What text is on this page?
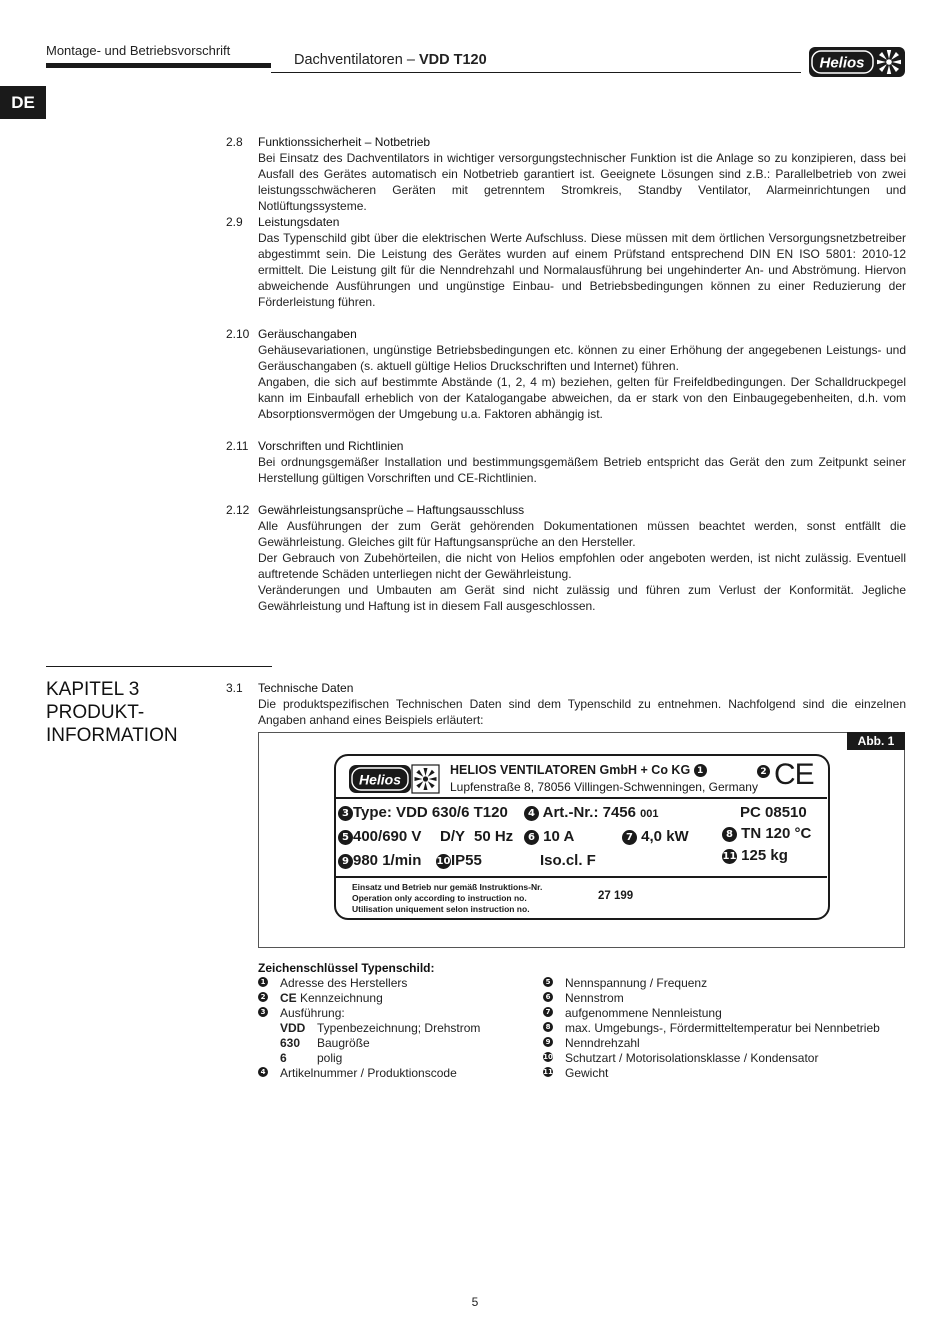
Montage- und Betriebsvorschrift
Dachventilatoren – VDD T120	Helios
DE
2.8 Funktionssicherheit – Notbetrieb
Bei Einsatz des Dachventilators in wichtiger versorgungstechnischer Funktion ist die Anlage so zu konzipieren, dass bei Ausfall des Gerätes automatisch ein Notbetrieb garantiert ist. Geeignete Lösungen sind z.B.: Parallelbetrieb von zwei leistungsschwächeren Geräten mit getrenntem Stromkreis, Standby Ventilator, Alarmeinrichtungen und Notlüftungssysteme.
2.9 Leistungsdaten
Das Typenschild gibt über die elektrischen Werte Aufschluss. Diese müssen mit dem örtlichen Versorgungsnetzbetreiber abgestimmt sein. Die Leistung des Gerätes wurden auf einem Prüfstand entsprechend DIN EN ISO 5801: 2010-12 ermittelt. Die Leistung gilt für die Nenndrehzahl und Normalausführung bei ungehinderter An- und Abströmung. Hiervon abweichende Ausführungen und ungünstige Einbau- und Betriebsbedingungen können zu einer Reduzierung der Förderleistung führen.
2.10 Geräuschangaben
Gehäusevariationen, ungünstige Betriebsbedingungen etc. können zu einer Erhöhung der angegebenen Leistungs- und Geräuschangaben (s. aktuell gültige Helios Druckschriften und Internet) führen.
Angaben, die sich auf bestimmte Abstände (1, 2, 4 m) beziehen, gelten für Freifeldbedingungen. Der Schalldruckpegel kann im Einbaufall erheblich von der Katalogangabe abweichen, da er stark von den Einbaugegebenheiten, d.h. vom Absorptionsvermögen der Umgebung u.a. Faktoren abhängig ist.
2.11 Vorschriften und Richtlinien
Bei ordnungsgemäßer Installation und bestimmungsgemäßem Betrieb entspricht das Gerät den zum Zeitpunkt seiner Herstellung gültigen Vorschriften und CE-Richtlinien.
2.12 Gewährleistungsansprüche – Haftungsausschluss
Alle Ausführungen der zum Gerät gehörenden Dokumentationen müssen beachtet werden, sonst entfällt die Gewährleistung. Gleiches gilt für Haftungsansprüche an den Hersteller.
Der Gebrauch von Zubehörteilen, die nicht von Helios empfohlen oder angeboten werden, ist nicht zulässig. Eventuell auftretende Schäden unterliegen nicht der Gewährleistung.
Veränderungen und Umbauten am Gerät sind nicht zulässig und führen zum Verlust der Konformität. Jegliche Gewährleistung und Haftung ist in diesem Fall ausgeschlossen.
KAPITEL 3
PRODUKT-
INFORMATION
3.1 Technische Daten
Die produktspezifischen Technischen Daten sind dem Typenschild zu entnehmen. Nachfolgend sind die einzelnen Angaben anhand eines Beispiels erläutert:
Abb. 1
Helios
HELIOS VENTILATOREN GmbH + Co KG 1
Lupfenstraße 8, 78056 Villingen-Schwenningen, Germany
2 CE
3 Type: VDD 630/6 T120	4 Art.-Nr.: 7456 001	PC 08510
5 400/690 V D/Y 50 Hz	6 10 A	7 4,0 kW	8 TN 120 °C
9 980 1/min 10IP55	Iso.cl. F	11 125 kg
Einsatz und Betrieb nur gemäß Instruktions-Nr.
Operation only according to instruction no.
Utilisation uniquement selon instruction no.
27 199
Zeichenschlüssel Typenschild:
1 Adresse des Herstellers
2 CE Kennzeichnung
3 Ausführung:
VDD Typenbezeichnung; Drehstrom
630 Baugröße
6	polig
4 Artikelnummer / Produktionscode
5 Nennspannung / Frequenz
6 Nennstrom
7 aufgenommene Nennleistung
8 max. Umgebungs-, Fördermitteltemperatur bei Nennbetrieb
9 Nenndrehzahl
10 Schutzart / Motorisolationsklasse / Kondensator
11 Gewicht
5
